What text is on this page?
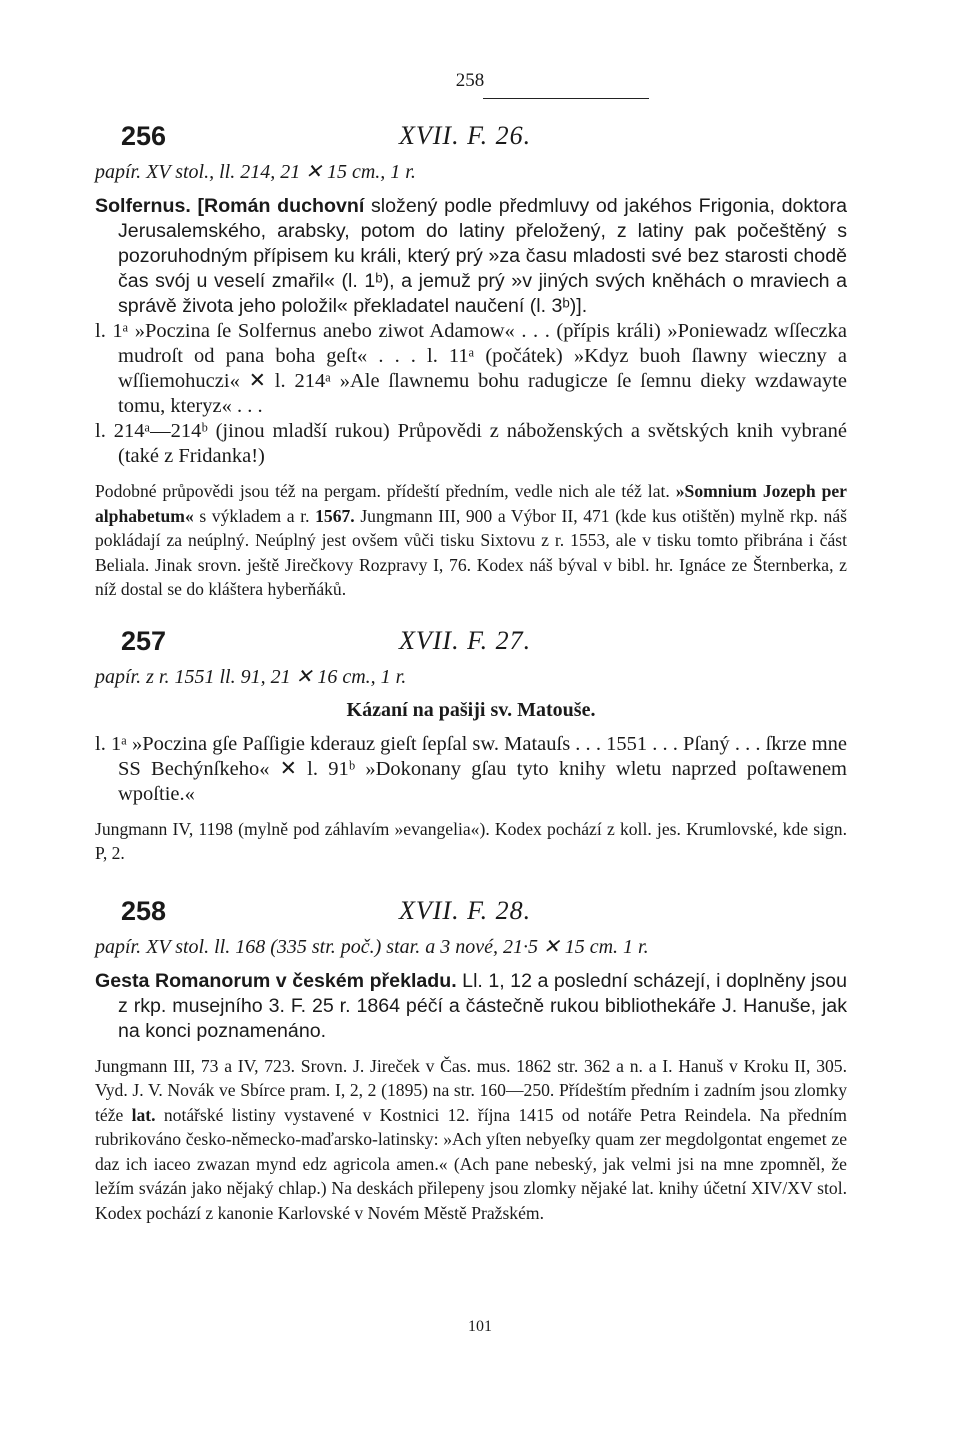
258
256	XVII. F. 26.

papír. XV stol., ll. 214, 21 ✕ 15 cm., 1 r.

Solfernus. [Román duchovní složený podle předmluvy od jakéhos Frigonia, doktora Jerusalemského, arabsky, potom do latiny přeložený, z latiny pak počeštěný s pozoruhodným přípisem ku králi, který prý »za času mladosti své bez starosti chodě čas svój u veselí zmařil« (l. 1ᵇ), a jemuž prý »v jiných svých kněhách o mraviech a správě života jeho položil« překladatel naučení (l. 3ᵇ)].

l. 1ᵃ »Poczina ſe Solfernus anebo ziwot Adamow« . . . (přípis králi) »Poniewadz wſſeczka mudroſt od pana boha geſt« . . . l. 11ᵃ (počátek) »Kdyz buoh ſlawny wieczny a wſſiemohuczi« ✕ l. 214ᵃ »Ale ſlawnemu bohu radugicze ſe ſemnu dieky wzdawayte tomu, kteryz« . . .

l. 214ᵃ—214ᵇ (jinou mladší rukou) Průpovědi z náboženských a světských knih vybrané (také z Fridanka!)

Podobné průpovědi jsou též na pergam. přídeští předním, vedle nich ale též lat. »Somnium Jozeph per alphabetum« s výkladem a r. 1567. Jungmann III, 900 a Výbor II, 471 (kde kus otištěn) mylně rkp. náš pokládají za neúplný. Neúplný jest ovšem vůči tisku Sixtovu z r. 1553, ale v tisku tomto přibrána i část Beliala. Jinak srovn. ještě Jirečkovy Rozpravy I, 76. Kodex náš býval v bibl. hr. Ignáce ze Šternberka, z níž dostal se do kláštera hyberňáků.

257	XVII. F. 27.

papír. z r. 1551 ll. 91, 21 ✕ 16 cm., 1 r.

Kázaní na pašiji sv. Matouše.

l. 1ᵃ »Poczina gſe Paſſigie kderauz gieſt ſepſal sw. Matauſs . . . 1551 . . . Pſaný . . . ſkrze mne SS Bechýnſkeho« ✕ l. 91ᵇ »Dokonany gſau tyto knihy wletu naprzed poſtawenem wpoſtie.«

Jungmann IV, 1198 (mylně pod záhlavím »evangelia«). Kodex pochází z koll. jes. Krumlovské, kde sign. P, 2.

258	XVII. F. 28.

papír. XV stol. ll. 168 (335 str. poč.) star. a 3 nové, 21·5 ✕ 15 cm. 1 r.

Gesta Romanorum v českém překladu. Ll. 1, 12 a poslední scházejí, i doplněny jsou z rkp. musejního 3. F. 25 r. 1864 péčí a částečně rukou bibliothekáře J. Hanuše, jak na konci poznamenáno.

Jungmann III, 73 a IV, 723. Srovn. J. Jireček v Čas. mus. 1862 str. 362 a n. a I. Hanuš v Kroku II, 305. Vyd. J. V. Novák ve Sbírce pram. I, 2, 2 (1895) na str. 160—250. Přídeštím předním i zadním jsou zlomky téže lat. notářské listiny vystavené v Kostnici 12. října 1415 od notáře Petra Reindela. Na předním rubrikováno česko-německo-maďarsko-latinsky: »Ach yſten nebyeſky quam zer megdolgontat engemet ze daz ich iaceo zwazan mynd edz agricola amen.« (Ach pane nebeský, jak velmi jsi na mne zpomněl, že ležím svázán jako nějaký chlap.) Na deskách přilepeny jsou zlomky nějaké lat. knihy účetní XIV/XV stol. Kodex pochází z kanonie Karlovské v Novém Městě Pražském.

101
